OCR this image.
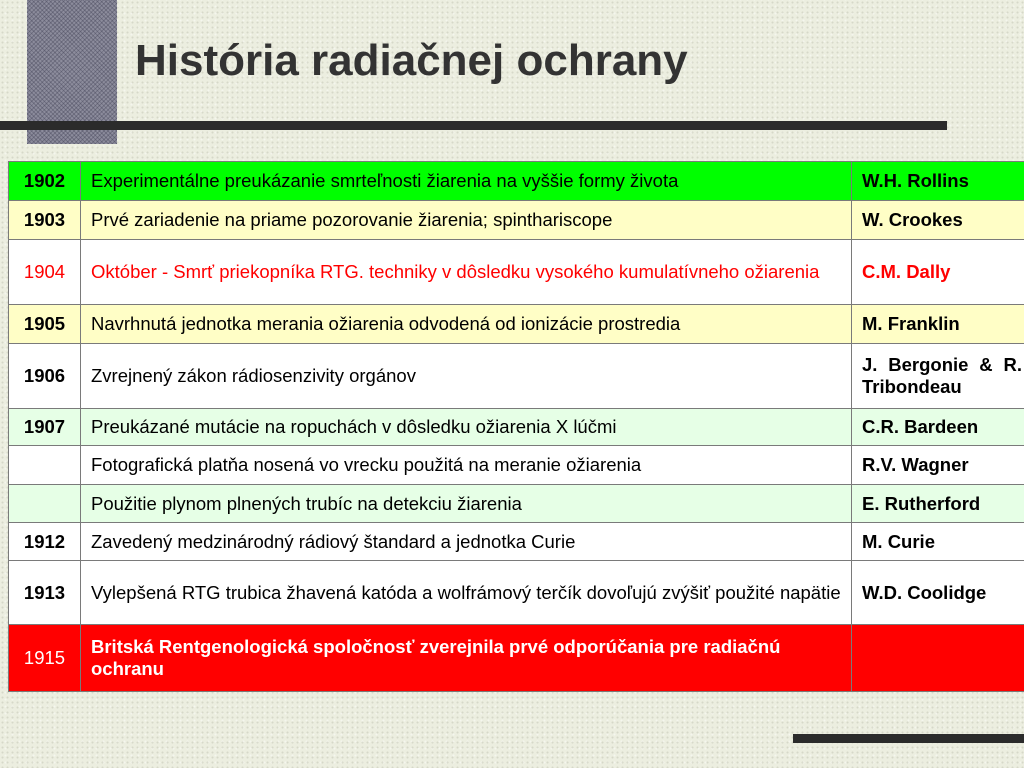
História radiačnej ochrany
1902	Experimentálne preukázanie smrteľnosti žiarenia na vyššie formy života	W.H. Rollins
1903	Prvé zariadenie na priame pozorovanie žiarenia; spinthariscope	W. Crookes
1904	Október - Smrť priekopníka RTG. techniky v dôsledku vysokého kumulatívneho ožiarenia	C.M. Dally
1905	Navrhnutá jednotka merania ožiarenia odvodená od ionizácie prostredia	M. Franklin
1906	Zvrejnený zákon rádiosenzivity orgánov	J. Bergonie & R. Tribondeau
1907	Preukázané mutácie na ropuchách v dôsledku ožiarenia X lúčmi	C.R. Bardeen
	Fotografická platňa nosená vo vrecku použitá na meranie ožiarenia	R.V. Wagner
	Použitie plynom plnených trubíc na detekciu žiarenia	E. Rutherford
1912	Zavedený medzinárodný rádiový štandard a jednotka Curie	M. Curie
1913	Vylepšená RTG trubica žhavená katóda a wolfrámový terčík dovoľujú zvýšiť použité napätie	W.D. Coolidge
1915	Britská Rentgenologická spoločnosť zverejnila prvé odporúčania pre radiačnú ochranu	
